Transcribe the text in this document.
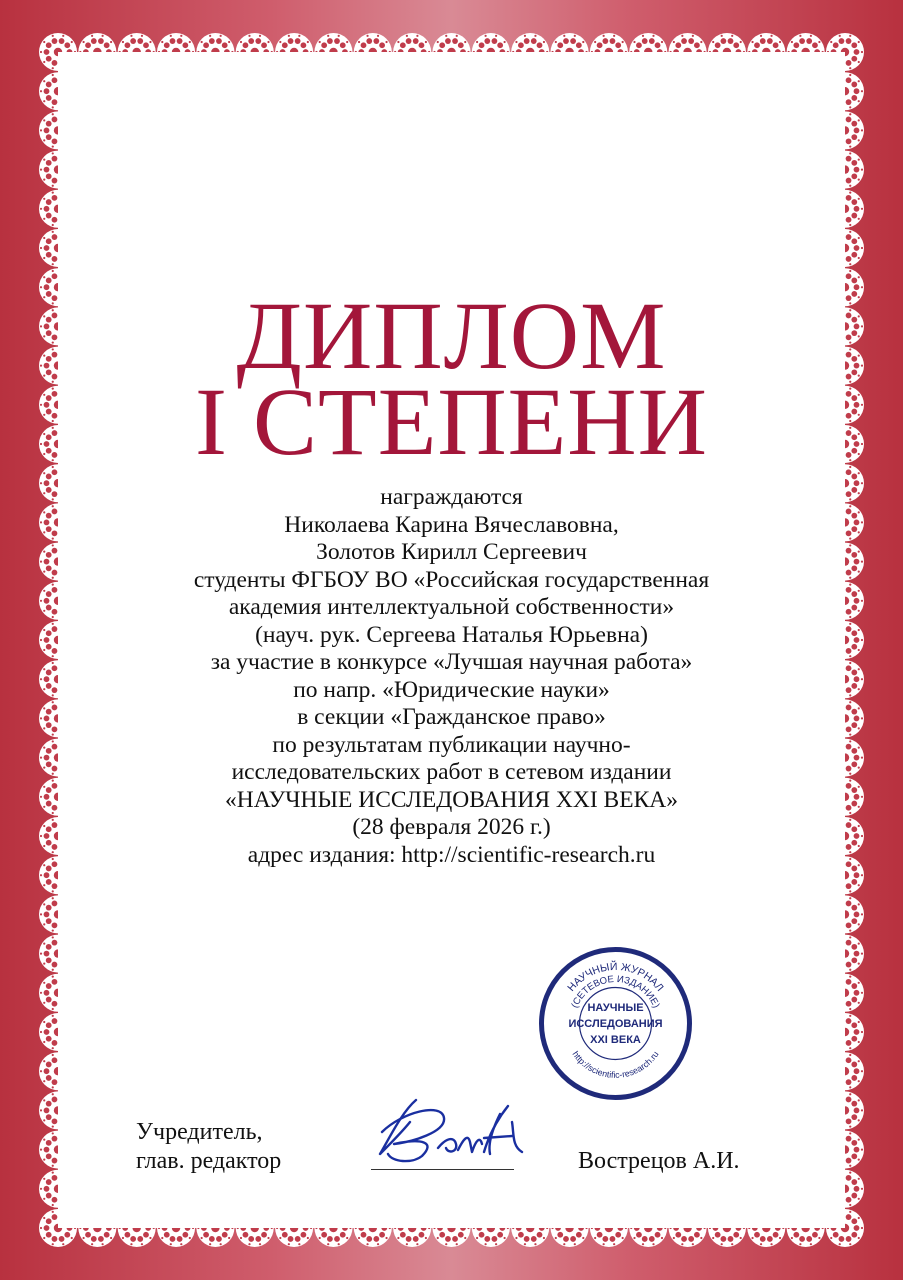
ДИПЛОМ
I СТЕПЕНИ
награждаются
Николаева Карина Вячеславовна,
Золотов Кирилл Сергеевич
студенты ФГБОУ ВО «Российская государственная
академия интеллектуальной собственности»
(науч. рук. Сергеева Наталья Юрьевна)
за участие в конкурсе «Лучшая научная работа»
по напр. «Юридические науки»
в секции «Гражданское право»
по результатам публикации научно-
исследовательских работ в сетевом издании
«НАУЧНЫЕ ИССЛЕДОВАНИЯ XXI ВЕКА»
(28 февраля 2026 г.)
адрес издания: http://scientific-research.ru
НАУЧНЫЙ ЖУРНАЛ
(СЕТЕВОЕ ИЗДАНИЕ)
НАУЧНЫЕ
ИССЛЕДОВАНИЯ
XXI ВЕКА
http://scientific-research.ru
Учредитель,
глав. редактор	Вострецов А.И.
